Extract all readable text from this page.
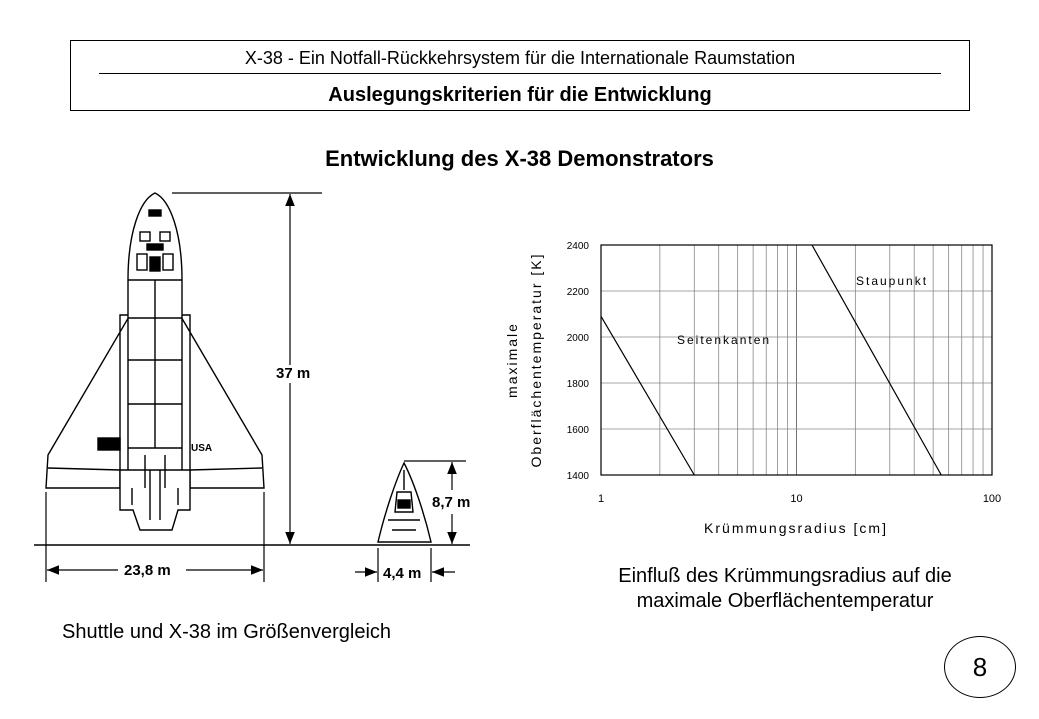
X-38 - Ein Notfall-Rückkehrsystem für die Internationale Raumstation
Auslegungskriterien für die Entwicklung
Entwicklung des X-38 Demonstrators
USA
37 m
23,8 m
8,7 m
4,4 m
2400
2200
2000
1800
1600
1400
1	10	100
Seitenkanten
Staupunkt
Krümmungsradius [cm]
maximale Oberflächentemperatur [K]
Shuttle und X-38 im Größenvergleich
Einfluß des Krümmungsradius auf die
maximale Oberflächentemperatur
8
